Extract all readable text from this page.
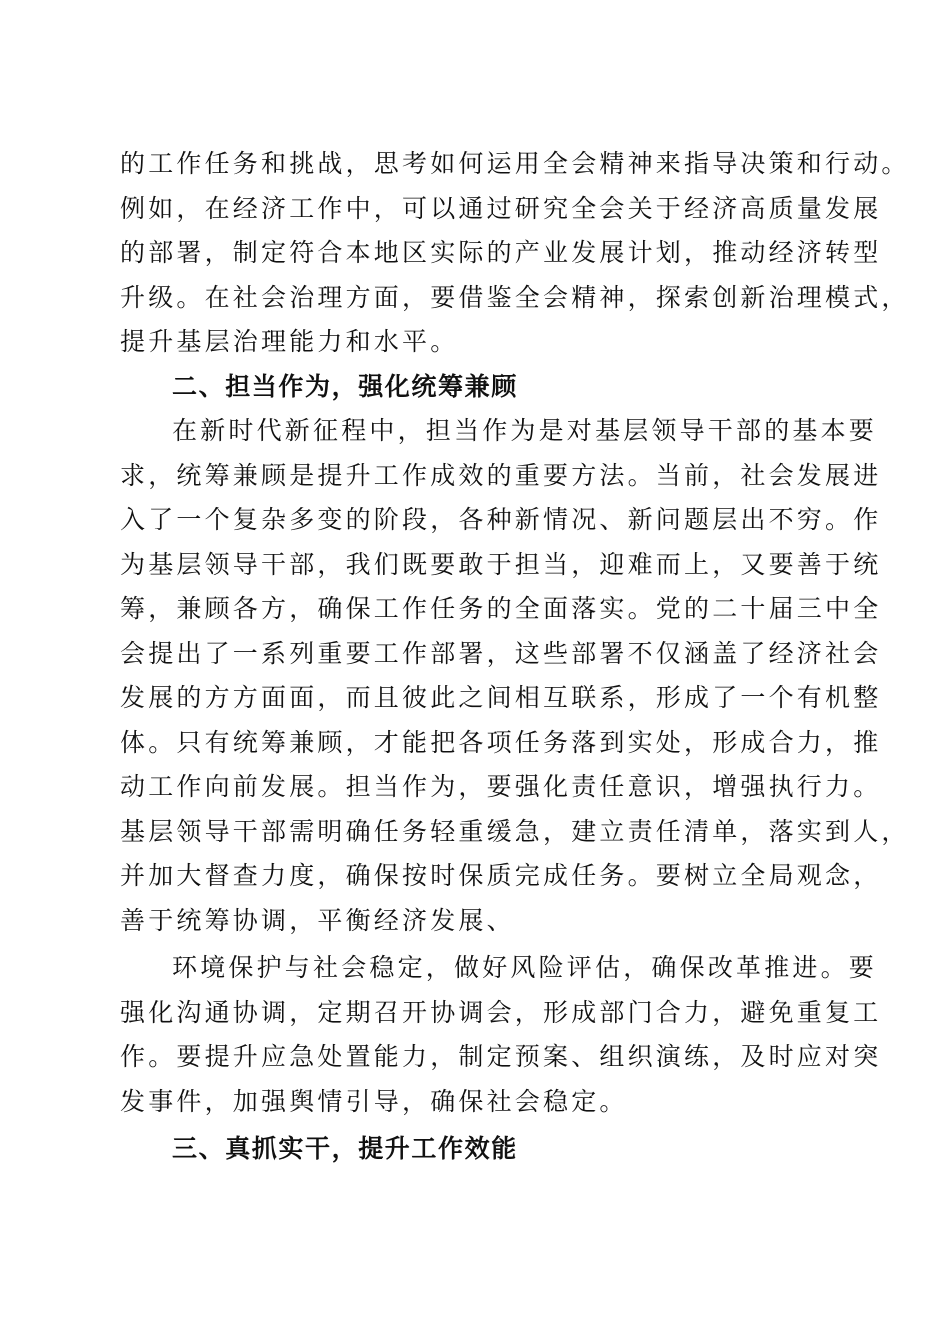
的工作任务和挑战，思考如何运用全会精神来指导决策和行动。
例如，在经济工作中，可以通过研究全会关于经济高质量发展
的部署，制定符合本地区实际的产业发展计划，推动经济转型
升级。在社会治理方面，要借鉴全会精神，探索创新治理模式，
提升基层治理能力和水平。
二、担当作为，强化统筹兼顾
在新时代新征程中，担当作为是对基层领导干部的基本要
求，统筹兼顾是提升工作成效的重要方法。当前，社会发展进
入了一个复杂多变的阶段，各种新情况、新问题层出不穷。作
为基层领导干部，我们既要敢于担当，迎难而上，又要善于统
筹，兼顾各方，确保工作任务的全面落实。党的二十届三中全
会提出了一系列重要工作部署，这些部署不仅涵盖了经济社会
发展的方方面面，而且彼此之间相互联系，形成了一个有机整
体。只有统筹兼顾，才能把各项任务落到实处，形成合力，推
动工作向前发展。担当作为，要强化责任意识，增强执行力。
基层领导干部需明确任务轻重缓急，建立责任清单，落实到人，
并加大督查力度，确保按时保质完成任务。要树立全局观念，
善于统筹协调，平衡经济发展、
环境保护与社会稳定，做好风险评估，确保改革推进。要
强化沟通协调，定期召开协调会，形成部门合力，避免重复工
作。要提升应急处置能力，制定预案、组织演练，及时应对突
发事件，加强舆情引导，确保社会稳定。
三、真抓实干，提升工作效能
